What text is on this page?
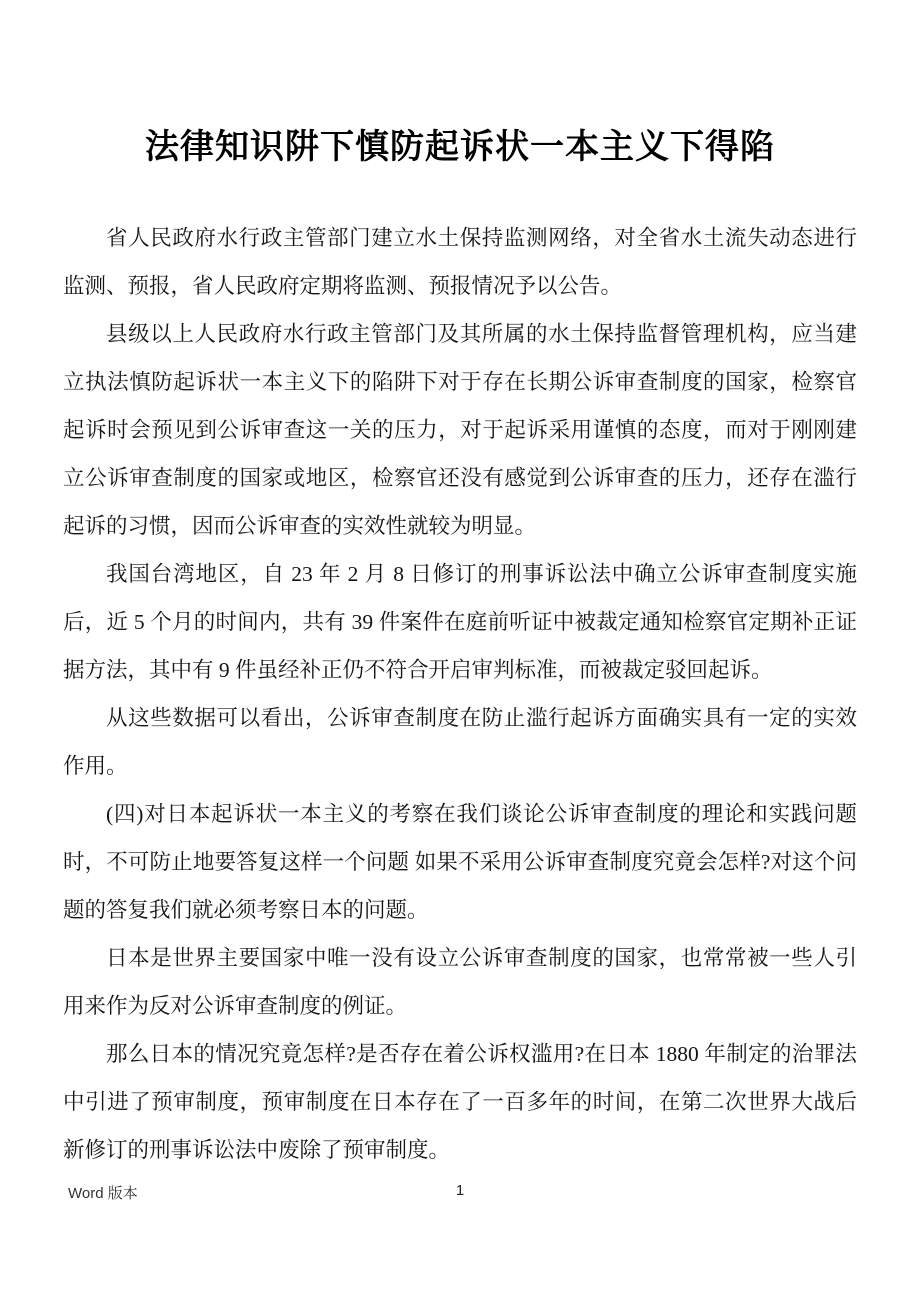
法律知识阱下慎防起诉状一本主义下得陷

省人民政府水行政主管部门建立水土保持监测网络，对全省水土流失动态进行监测、预报，省人民政府定期将监测、预报情况予以公告。

县级以上人民政府水行政主管部门及其所属的水土保持监督管理机构，应当建立执法慎防起诉状一本主义下的陷阱下对于存在长期公诉审查制度的国家，检察官起诉时会预见到公诉审查这一关的压力，对于起诉采用谨慎的态度，而对于刚刚建立公诉审查制度的国家或地区，检察官还没有感觉到公诉审查的压力，还存在滥行起诉的习惯，因而公诉审查的实效性就较为明显。

我国台湾地区，自 23 年 2 月 8 日修订的刑事诉讼法中确立公诉审查制度实施后，近 5 个月的时间内，共有 39 件案件在庭前听证中被裁定通知检察官定期补正证据方法，其中有 9 件虽经补正仍不符合开启审判标准，而被裁定驳回起诉。

从这些数据可以看出，公诉审查制度在防止滥行起诉方面确实具有一定的实效作用。

(四)对日本起诉状一本主义的考察在我们谈论公诉审查制度的理论和实践问题时，不可防止地要答复这样一个问题 如果不采用公诉审查制度究竟会怎样?对这个问题的答复我们就必须考察日本的问题。

日本是世界主要国家中唯一没有设立公诉审查制度的国家，也常常被一些人引用来作为反对公诉审查制度的例证。

那么日本的情况究竟怎样?是否存在着公诉权滥用?在日本 1880 年制定的治罪法中引进了预审制度，预审制度在日本存在了一百多年的时间，在第二次世界大战后新修订的刑事诉讼法中废除了预审制度。

Word 版本	1
